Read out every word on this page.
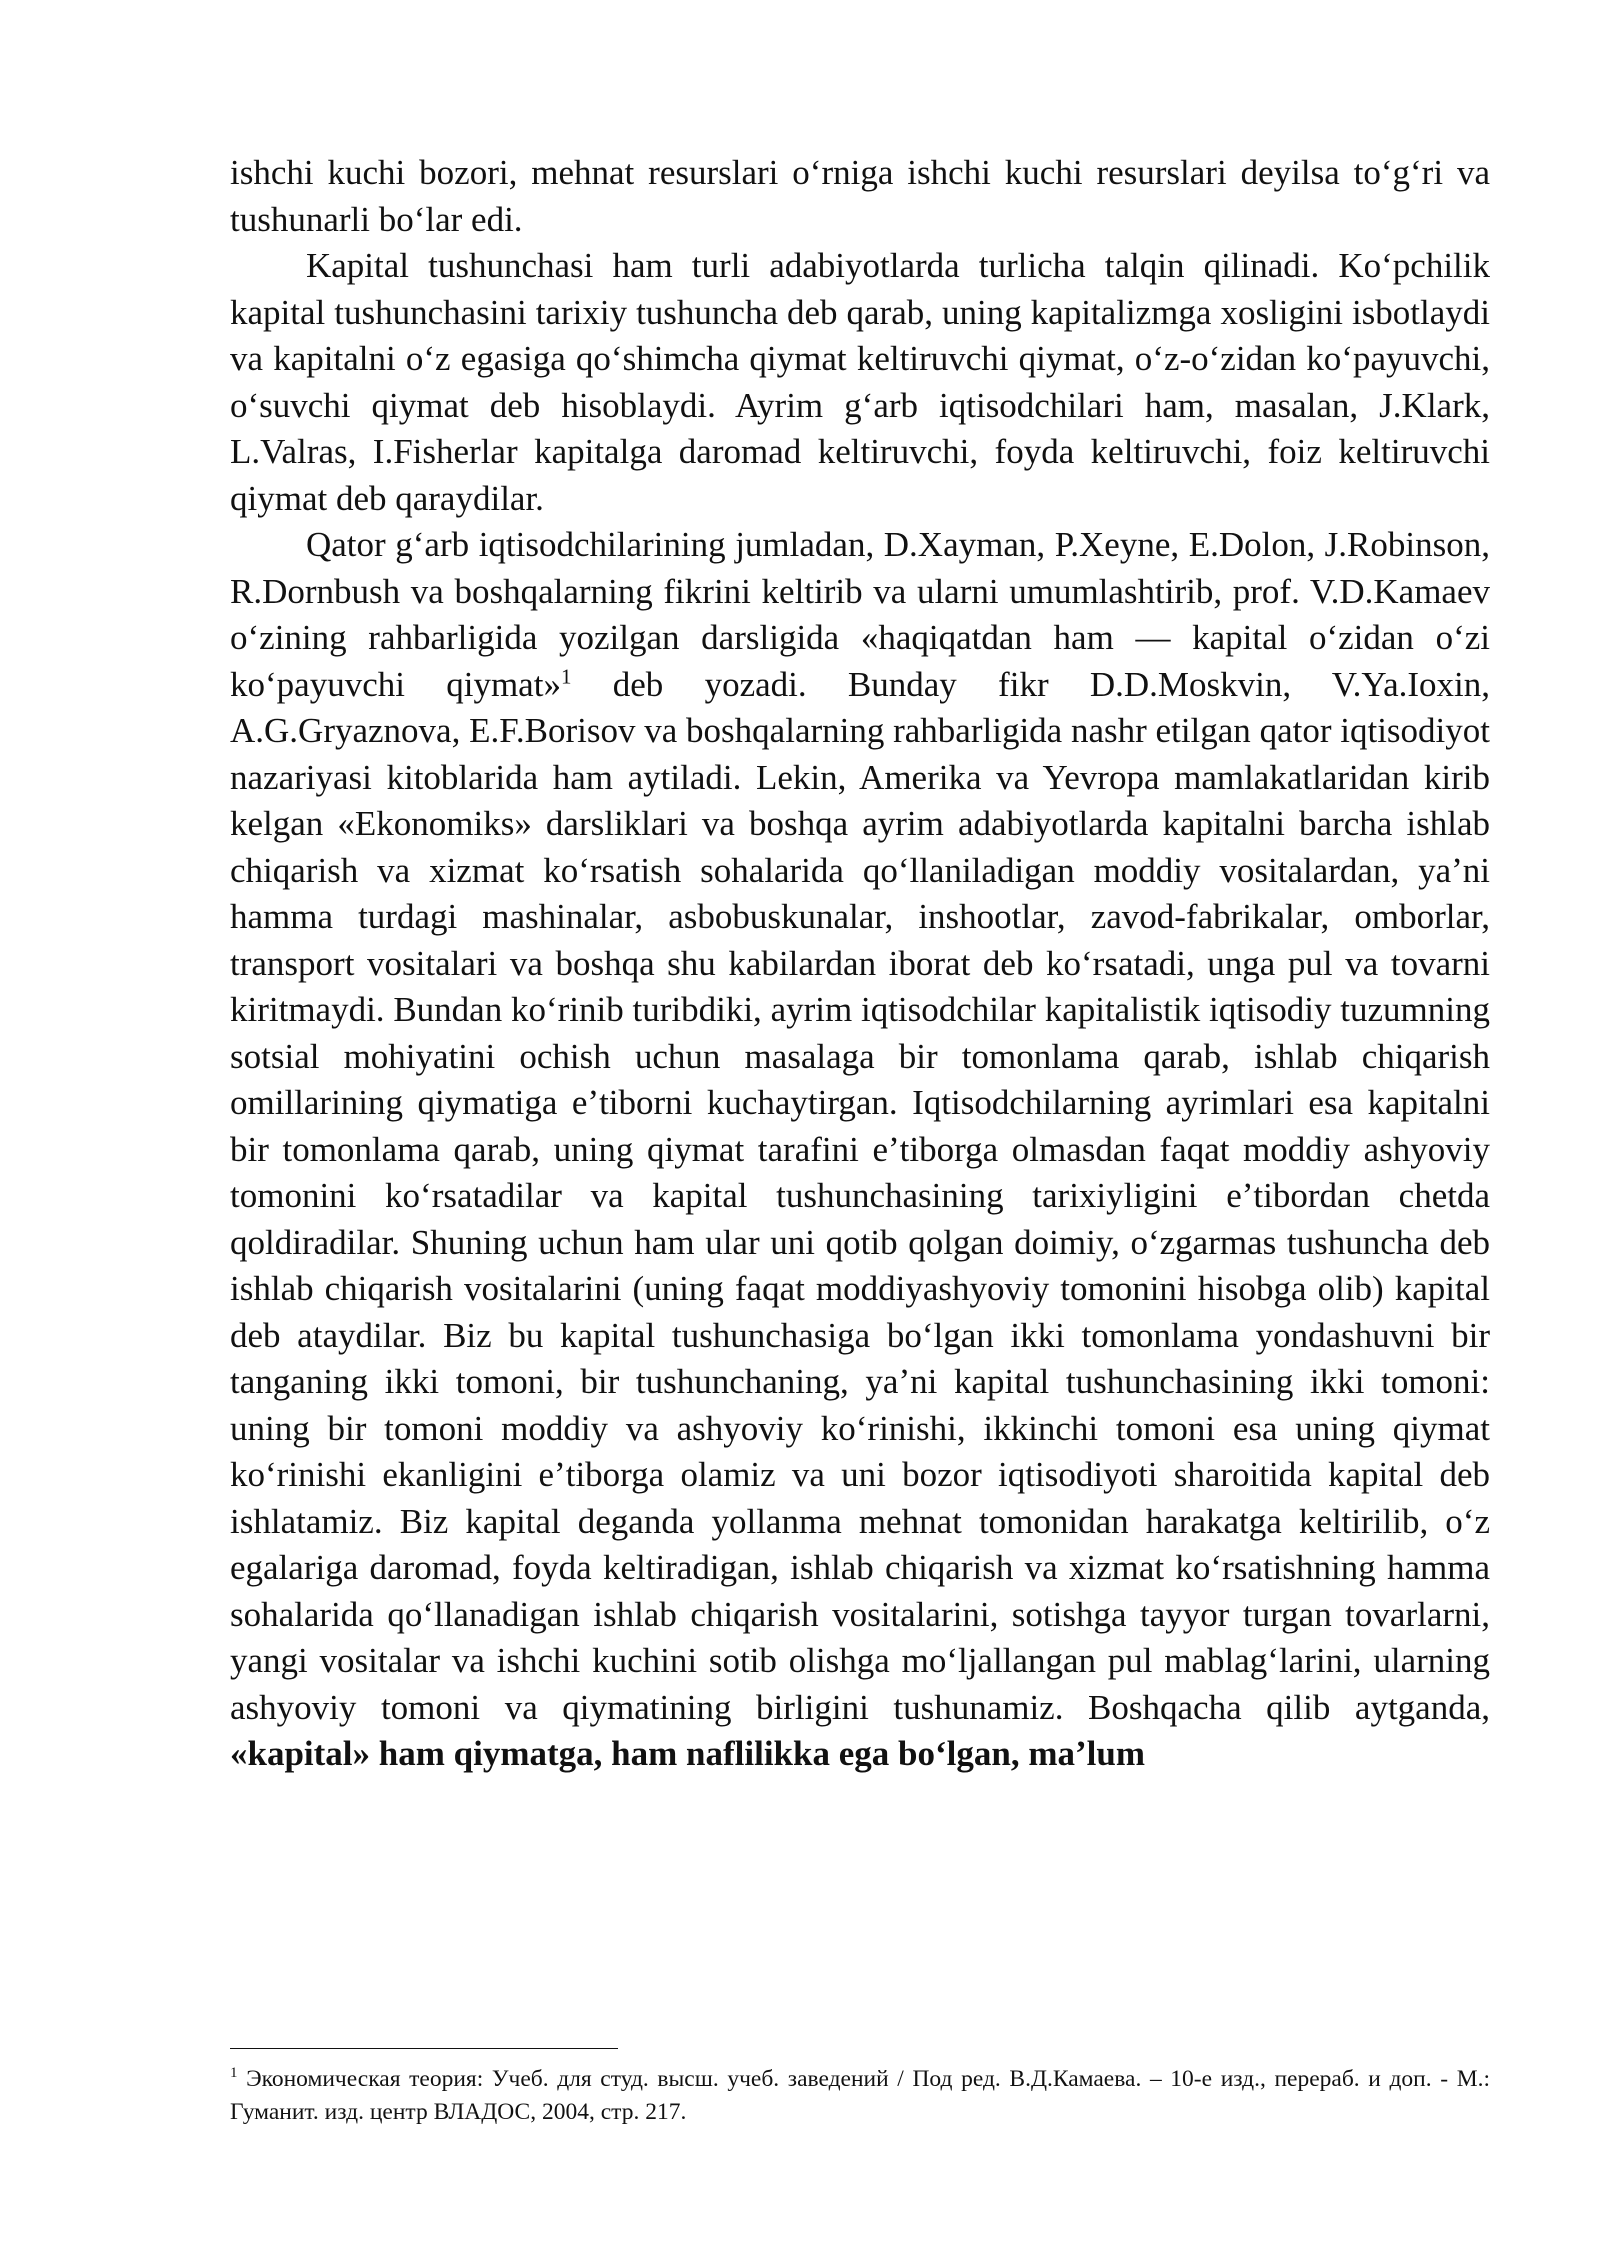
ishchi kuchi bozori, mehnat resurslari oʻrniga ishchi kuchi resurslari deyilsa toʻgʻri va tushunarli boʻlar edi.

Kapital tushunchasi ham turli adabiyotlarda turlicha talqin qilinadi. Koʻpchilik kapital tushunchasini tarixiy tushuncha deb qarab, uning kapitalizmga xosligini isbotlaydi va kapitalni oʻz egasiga qoʻshimcha qiymat keltiruvchi qiymat, oʻz-oʻzidan koʻpayuvchi, oʻsuvchi qiymat deb hisoblaydi. Ayrim gʻarb iqtisodchilari ham, masalan, J.Klark, L.Valras, I.Fisherlar kapitalga daromad keltiruvchi, foyda keltiruvchi, foiz keltiruvchi qiymat deb qaraydilar.

Qator gʻarb iqtisodchilarining jumladan, D.Xayman, P.Xeyne, E.Dolon, J.Robinson, R.Dornbush va boshqalarning fikrini keltirib va ularni umumlashtirib, prof. V.D.Kamaev oʻzining rahbarligida yozilgan darsligida «haqiqatdan ham — kapital oʻzidan oʻzi koʻpayuvchi qiymat»$^1$ deb yozadi. Bunday fikr D.D.Moskvin, V.Ya.Ioxin, A.G.Gryaznova, E.F.Borisov va boshqalarning rahbarligida nashr etilgan qator iqtisodiyot nazariyasi kitoblarida ham aytiladi. Lekin, Amerika va Yevropa mamlakatlaridan kirib kelgan «Ekonomiks» darsliklari va boshqa ayrim adabiyotlarda kapitalni barcha ishlab chiqarish va xizmat koʻrsatish sohalarida qoʻllaniladigan moddiy vositalardan, yaʼni hamma turdagi mashinalar, asbobuskunalar, inshootlar, zavod-fabrikalar, omborlar, transport vositalari va boshqa shu kabilardan iborat deb koʻrsatadi, unga pul va tovarni kiritmaydi. Bundan koʻrinib turibdiki, ayrim iqtisodchilar kapitalistik iqtisodiy tuzumning sotsial mohiyatini ochish uchun masalaga bir tomonlama qarab, ishlab chiqarish omillarining qiymatiga eʼtiborni kuchaytirgan. Iqtisodchilarning ayrimlari esa kapitalni bir tomonlama qarab, uning qiymat tarafini eʼtiborga olmasdan faqat moddiy ashyoviy tomonini koʻrsatadilar va kapital tushunchasining tarixiyligini eʼtibordan chetda qoldiradilar. Shuning uchun ham ular uni qotib qolgan doimiy, oʻzgarmas tushuncha deb ishlab chiqarish vositalarini (uning faqat moddiyashyoviy tomonini hisobga olib) kapital deb ataydilar. Biz bu kapital tushunchasiga boʻlgan ikki tomonlama yondashuvni bir tanganing ikki tomoni, bir tushunchaning, yaʼni kapital tushunchasining ikki tomoni: uning bir tomoni moddiy va ashyoviy koʻrinishi, ikkinchi tomoni esa uning qiymat koʻrinishi ekanligini eʼtiborga olamiz va uni bozor iqtisodiyoti sharoitida kapital deb ishlatamiz. Biz kapital deganda yollanma mehnat tomonidan harakatga keltirilib, oʻz egalariga daromad, foyda keltiradigan, ishlab chiqarish va xizmat koʻrsatishning hamma sohalarida qoʻllanadigan ishlab chiqarish vositalarini, sotishga tayyor turgan tovarlarni, yangi vositalar va ishchi kuchini sotib olishga moʻljallangan pul mablagʻlarini, ularning ashyoviy tomoni va qiymatining birligini tushunamiz. Boshqacha qilib aytganda, «kapital» ham qiymatga, ham naflilikka ega boʻlgan, maʼlum

$^1$ Экономическая теория: Учеб. для студ. высш. учеб. заведений / Под ред. В.Д.Камаева. – 10-е изд., перераб. и доп. - М.: Гуманит. изд. центр ВЛАДОС, 2004, стр. 217.
